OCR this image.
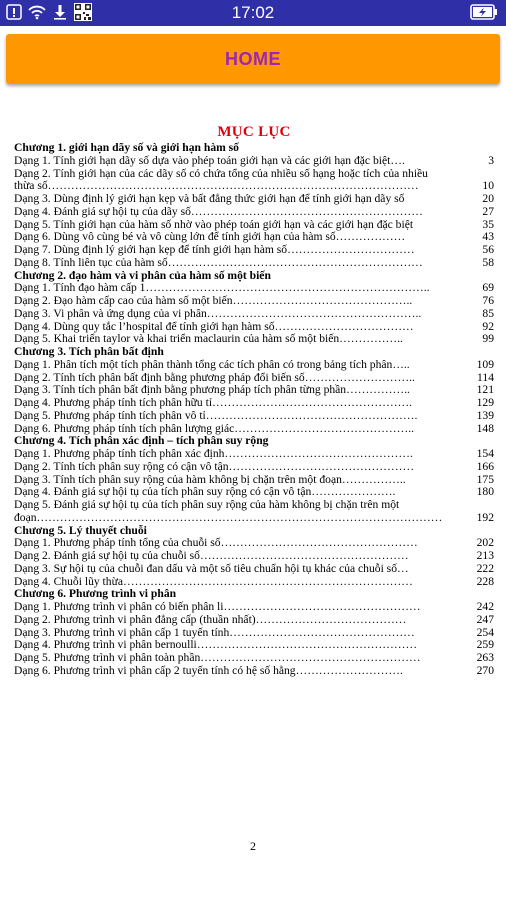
17:02
HOME
MỤC LỤC
Chương 1. giới hạn dãy số và giới hạn hàm số
Dạng 1. Tính giới hạn dãy số dựa vào phép toán giới hạn và các giới hạn đặc biệt….	3
Dạng 2. Tính giới hạn của các dãy số có chứa tổng của nhiều số hạng hoặc tích của nhiều thừa số……………………………………………………………………………………	10
Dạng 3. Dùng định lý giới hạn kẹp và bất đẳng thức giới hạn để tính giới hạn dãy số	20
Dạng 4. Đánh giá sự hội tụ của dãy số……………………………………………………	27
Dạng 5. Tính giới hạn của hàm số nhờ vào phép toán giới hạn và các giới hạn đặc biệt	35
Dạng 6. Dùng vô cùng bé và vô cùng lớn để tính giới hạn của hàm số………………	43
Dạng 7. Dùng định lý giới hạn kẹp để tính giới hạn hàm số……………………………	56
Dạng 8. Tính liên tục của hàm số…………………………………………………………	58
Chương 2. đạo hàm và vi phân của hàm số một biến
Dạng 1. Tính đạo hàm cấp 1………………………………………………………………..	69
Dạng 2. Đạo hàm cấp cao của hàm số một biến………………………………………..	76
Dạng 3. Vi phân và ứng dụng của vi phân………………………………………………..	85
Dạng 4. Dùng quy tắc l’hospital để tính giới hạn hàm số………………………………	92
Dạng 5. Khai triển taylor và khai triển maclaurin của hàm số một biến……………..	99
Chương 3. Tích phân bất định
Dạng 1. Phân tích một tích phân thành tổng các tích phân có trong bảng tích phân…..	109
Dạng 2. Tính tích phân bất định bằng phương pháp đổi biến số………………………..	114
Dạng 3. Tính tích phân bất định bằng phương pháp tích phân từng phần……………..	121
Dạng 4. Phương pháp tính tích phân hữu tỉ…………………………………………….	129
Dạng 5. Phương pháp tính tích phân vô tỉ……………………………………………….	139
Dạng 6. Phương pháp tính tích phân lượng giác………………………………………..	148
Chương 4. Tích phân xác định – tích phân suy rộng
Dạng 1. Phương pháp tính tích phân xác định………………………………………….	154
Dạng 2. Tính tích phân suy rộng có cận vô tận…………………………………………	166
Dạng 3. Tính tích phân suy rộng của hàm không bị chặn trên một đoạn……………..	175
Dạng 4. Đánh giá sự hội tụ của tích phân suy rộng có cận vô tận………………….	180
Dạng 5. Đánh giá sự hội tụ của tích phân suy rộng của hàm không bị chặn trên một đoạn……………………………………………………………………………………………	192
Chương 5. Lý thuyết chuỗi
Dạng 1. Phương pháp tính tổng của chuỗi số……………………………………………	202
Dạng 2. Đánh giá sự hội tụ của chuỗi số………………………………………………	213
Dạng 3. Sự hội tụ của chuỗi đan dấu và một số tiêu chuẩn hội tụ khác của chuỗi số…	222
Dạng 4. Chuỗi lũy thừa…………………………………………………………………	228
Chương 6. Phương trình vi phân
Dạng 1. Phương trình vi phân có biến phân li……………………………………………	242
Dạng 2. Phương trình vi phân đẳng cấp (thuần nhất)…………………………………	247
Dạng 3. Phương trình vi phân cấp 1 tuyến tính…………………………………………	254
Dạng 4. Phương trình vi phân bernoulli…………………………………………………	259
Dạng 5. Phương trình vi phân toàn phần…………………………………………………	263
Dạng 6. Phương trình vi phân cấp 2 tuyến tính có hệ số hằng……………………….	270
2
